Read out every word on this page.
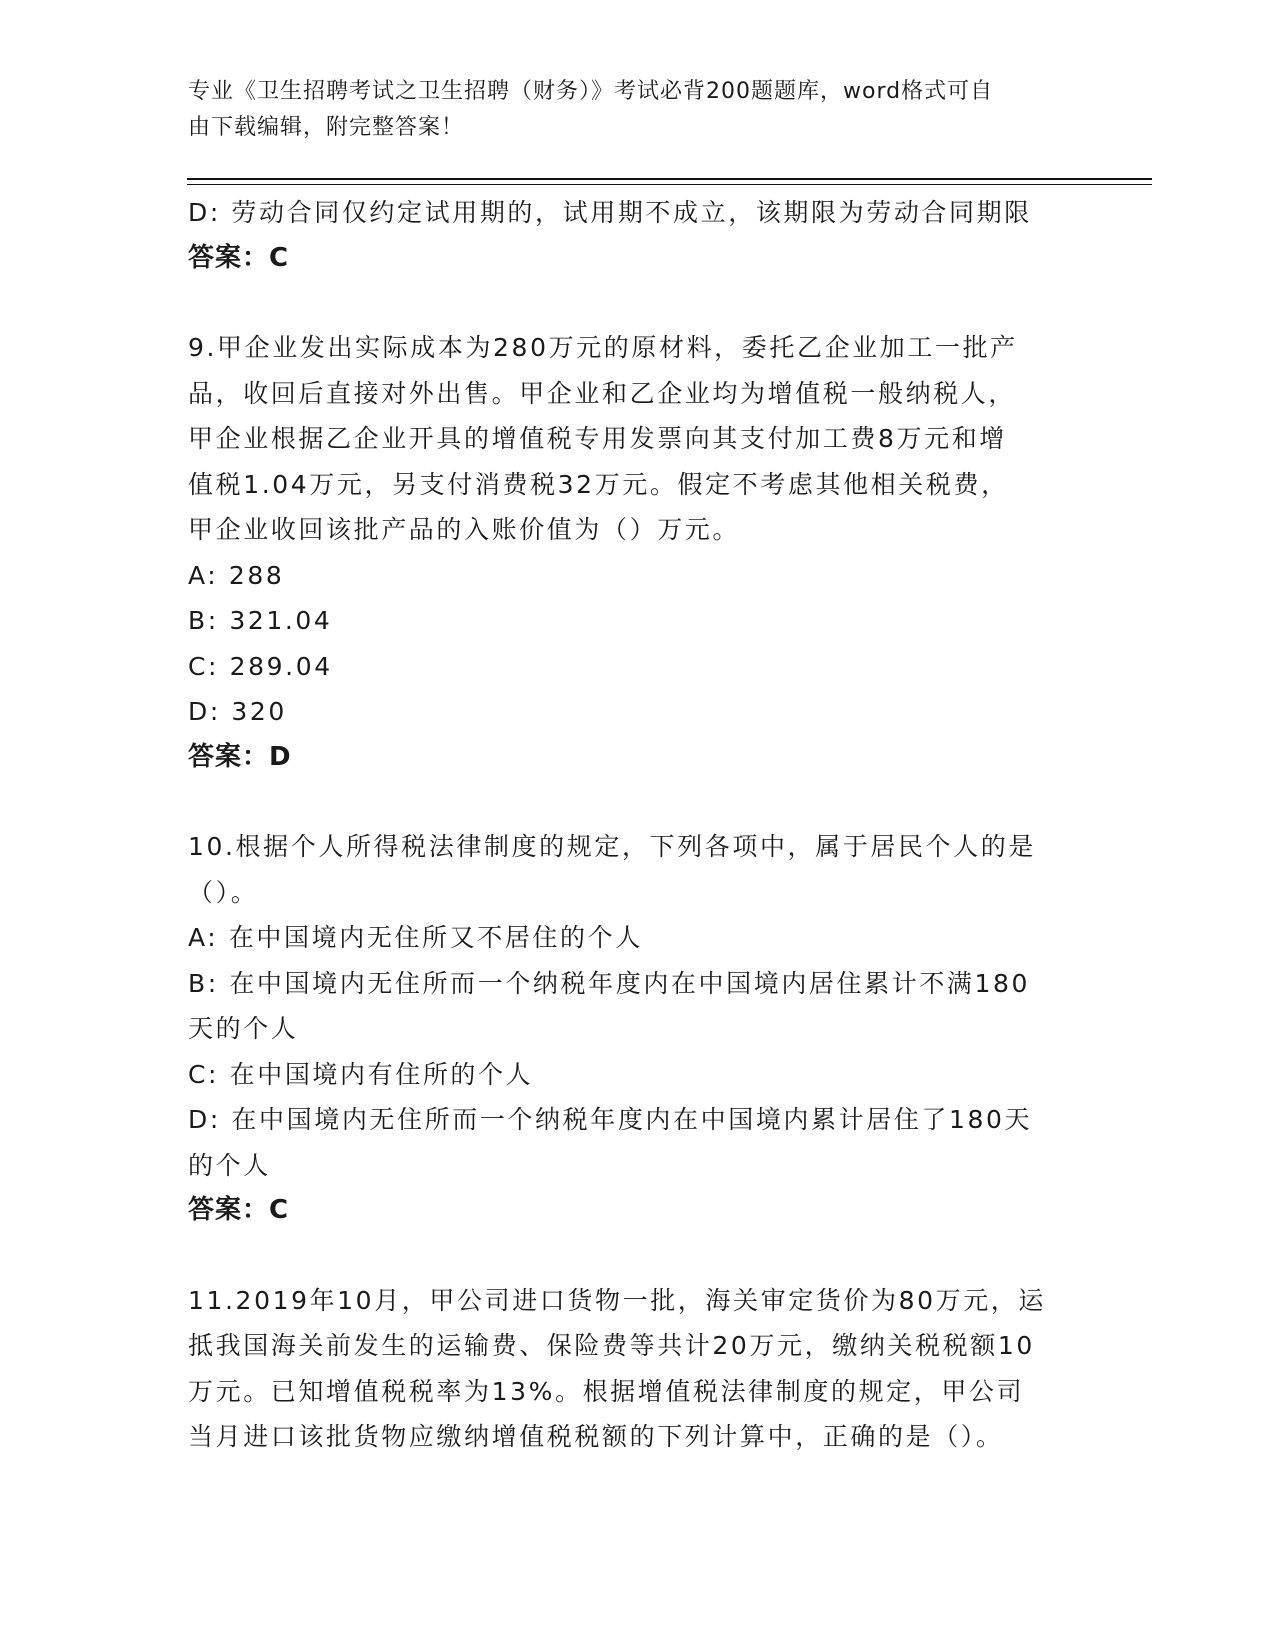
专业《卫生招聘考试之卫生招聘（财务）》考试必背200题题库，word格式可自
由下载编辑，附完整答案！
D: 劳动合同仅约定试用期的，试用期不成立，该期限为劳动合同期限
答案：C
9.甲企业发出实际成本为280万元的原材料，委托乙企业加工一批产
品，收回后直接对外出售。甲企业和乙企业均为增值税一般纳税人，
甲企业根据乙企业开具的增值税专用发票向其支付加工费8万元和增
值税1.04万元，另支付消费税32万元。假定不考虑其他相关税费，
甲企业收回该批产品的入账价值为（）万元。
A: 288
B: 321.04
C: 289.04
D: 320
答案：D
10.根据个人所得税法律制度的规定，下列各项中，属于居民个人的是
（）。
A: 在中国境内无住所又不居住的个人
B: 在中国境内无住所而一个纳税年度内在中国境内居住累计不满180
天的个人
C: 在中国境内有住所的个人
D: 在中国境内无住所而一个纳税年度内在中国境内累计居住了180天
的个人
答案：C
11.2019年10月，甲公司进口货物一批，海关审定货价为80万元，运
抵我国海关前发生的运输费、保险费等共计20万元，缴纳关税税额10
万元。已知增值税税率为13%。根据增值税法律制度的规定，甲公司
当月进口该批货物应缴纳增值税税额的下列计算中，正确的是（）。
